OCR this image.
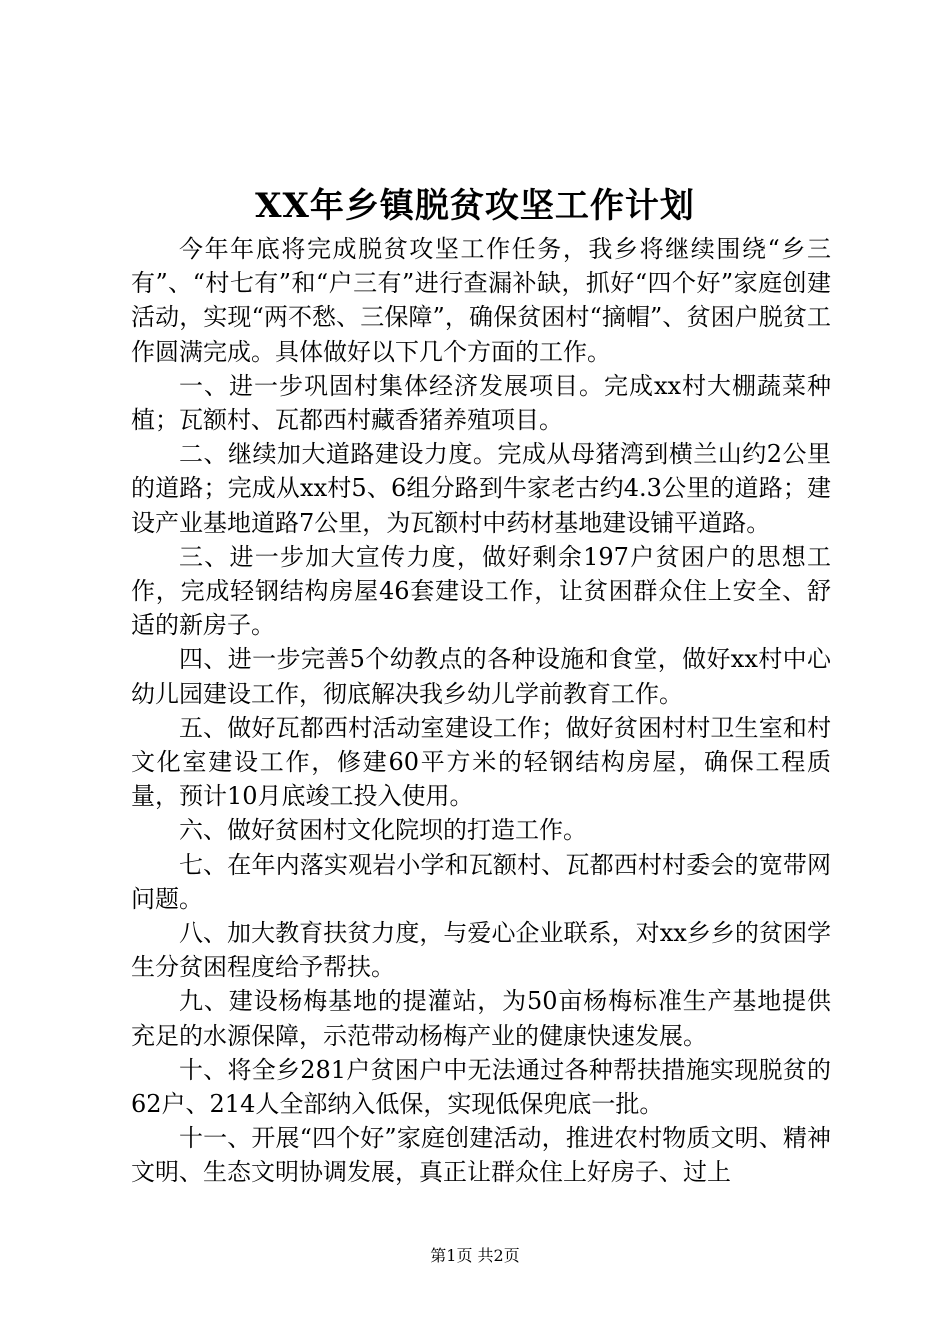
XX年乡镇脱贫攻坚工作计划

今年年底将完成脱贫攻坚工作任务，我乡将继续围绕“乡三有”、“村七有”和“户三有”进行查漏补缺，抓好“四个好”家庭创建活动，实现“两不愁、三保障”，确保贫困村“摘帽”、贫困户脱贫工作圆满完成。具体做好以下几个方面的工作。

一、进一步巩固村集体经济发展项目。完成xx村大棚蔬菜种植；瓦额村、瓦都西村藏香猪养殖项目。

二、继续加大道路建设力度。完成从母猪湾到横兰山约2公里的道路；完成从xx村5、6组分路到牛家老古约4.3公里的道路；建设产业基地道路7公里，为瓦额村中药材基地建设铺平道路。

三、进一步加大宣传力度，做好剩余197户贫困户的思想工作，完成轻钢结构房屋46套建设工作，让贫困群众住上安全、舒适的新房子。

四、进一步完善5个幼教点的各种设施和食堂，做好xx村中心幼儿园建设工作，彻底解决我乡幼儿学前教育工作。

五、做好瓦都西村活动室建设工作；做好贫困村村卫生室和村文化室建设工作，修建60平方米的轻钢结构房屋，确保工程质量，预计10月底竣工投入使用。

六、做好贫困村文化院坝的打造工作。

七、在年内落实观岩小学和瓦额村、瓦都西村村委会的宽带网问题。

八、加大教育扶贫力度，与爱心企业联系，对xx乡乡的贫困学生分贫困程度给予帮扶。

九、建设杨梅基地的提灌站，为50亩杨梅标准生产基地提供充足的水源保障，示范带动杨梅产业的健康快速发展。

十、将全乡281户贫困户中无法通过各种帮扶措施实现脱贫的62户、214人全部纳入低保，实现低保兜底一批。

十一、开展“四个好”家庭创建活动，推进农村物质文明、精神文明、生态文明协调发展，真正让群众住上好房子、过上

第1页 共2页
